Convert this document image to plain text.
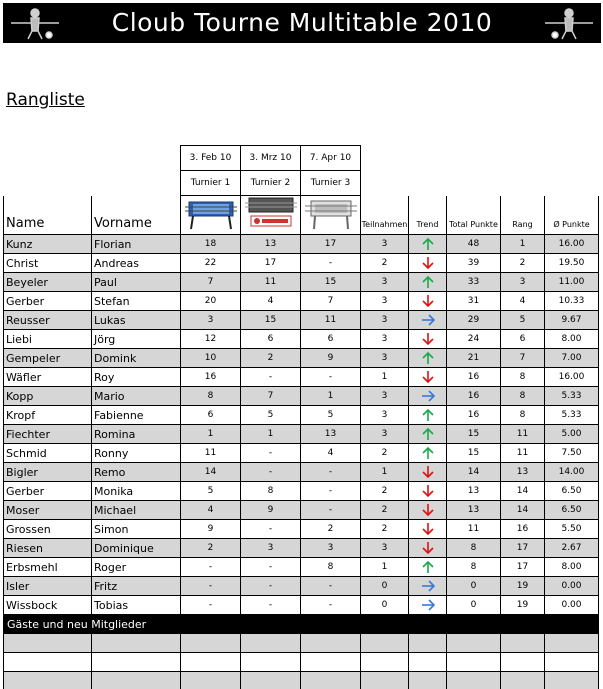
Cloub Tourne Multitable 2010
Rangliste
		3. Feb 10	3. Mrz 10	7. Apr 10					
		Turnier 1	Turnier 2	Turnier 3					
Name	Vorname				Teilnahmen	Trend	Total Punkte	Rang	Ø Punkte
Kunz	Florian	18	13	17	3		48	1	16.00
Christ	Andreas	22	17	-	2		39	2	19.50
Beyeler	Paul	7	11	15	3		33	3	11.00
Gerber	Stefan	20	4	7	3		31	4	10.33
Reusser	Lukas	3	15	11	3		29	5	9.67
Liebi	Jörg	12	6	6	3		24	6	8.00
Gempeler	Domink	10	2	9	3		21	7	7.00
Wäfler	Roy	16	-	-	1		16	8	16.00
Kopp	Mario	8	7	1	3		16	8	5.33
Kropf	Fabienne	6	5	5	3		16	8	5.33
Fiechter	Romina	1	1	13	3		15	11	5.00
Schmid	Ronny	11	-	4	2		15	11	7.50
Bigler	Remo	14	-	-	1		14	13	14.00
Gerber	Monika	5	8	-	2		13	14	6.50
Moser	Michael	4	9	-	2		13	14	6.50
Grossen	Simon	9	-	2	2		11	16	5.50
Riesen	Dominique	2	3	3	3		8	17	2.67
Erbsmehl	Roger	-	-	8	1		8	17	8.00
Isler	Fritz	-	-	-	0		0	19	0.00
Wissbock	Tobias	-	-	-	0		0	19	0.00
Gäste und neu Mitglieder									
